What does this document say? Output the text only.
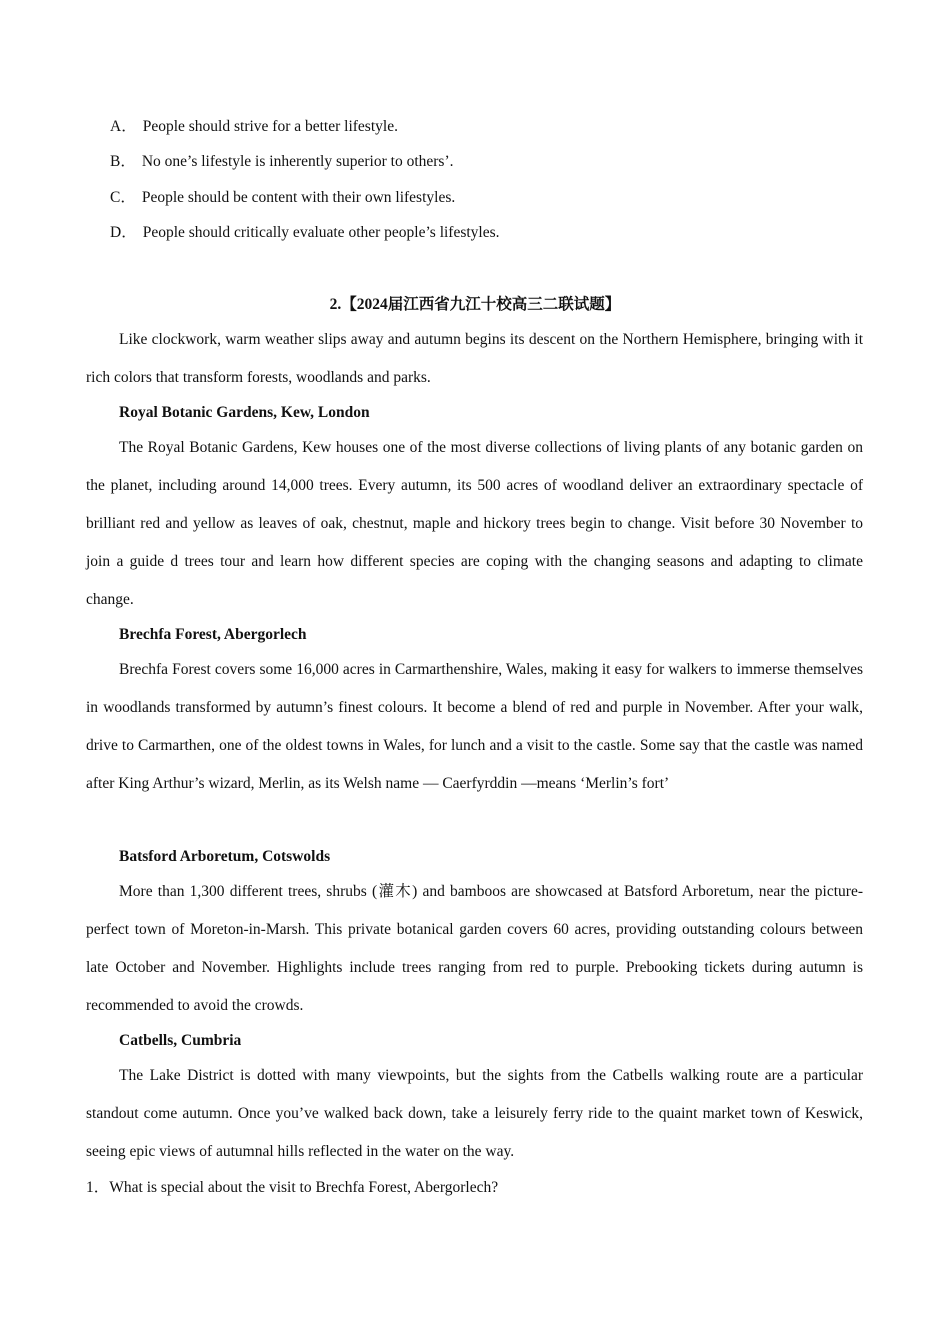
A． People should strive for a better lifestyle.
B． No one’s lifestyle is inherently superior to others’.
C． People should be content with their own lifestyles.
D． People should critically evaluate other people’s lifestyles.
2.【2024届江西省九江十校高三二联试题】
Like clockwork, warm weather slips away and autumn begins its descent on the Northern Hemisphere, bringing with it rich colors that transform forests, woodlands and parks.
Royal Botanic Gardens, Kew, London
The Royal Botanic Gardens, Kew houses one of the most diverse collections of living plants of any botanic garden on the planet, including around 14,000 trees. Every autumn, its 500 acres of woodland deliver an extraordinary spectacle of brilliant red and yellow as leaves of oak, chestnut, maple and hickory trees begin to change. Visit before 30 November to join a guide d trees tour and learn how different species are coping with the changing seasons and adapting to climate change.
Brechfa Forest, Abergorlech
Brechfa Forest covers some 16,000 acres in Carmarthenshire, Wales, making it easy for walkers to immerse themselves in woodlands transformed by autumn’s finest colours. It become a blend of red and purple in November. After your walk, drive to Carmarthen, one of the oldest towns in Wales, for lunch and a visit to the castle. Some say that the castle was named after King Arthur’s wizard, Merlin, as its Welsh name — Caerfyrddin —means ‘Merlin’s fort’
Batsford Arboretum, Cotswolds
More than 1,300 different trees, shrubs (灌木) and bamboos are showcased at Batsford Arboretum, near the picture-perfect town of Moreton-in-Marsh. This private botanical garden covers 60 acres, providing outstanding colours between late October and November. Highlights include trees ranging from red to purple. Prebooking tickets during autumn is recommended to avoid the crowds.
Catbells, Cumbria
The Lake District is dotted with many viewpoints, but the sights from the Catbells walking route are a particular standout come autumn. Once you’ve walked back down, take a leisurely ferry ride to the quaint market town of Keswick, seeing epic views of autumnal hills reflected in the water on the way.
1．What is special about the visit to Brechfa Forest, Abergorlech?
